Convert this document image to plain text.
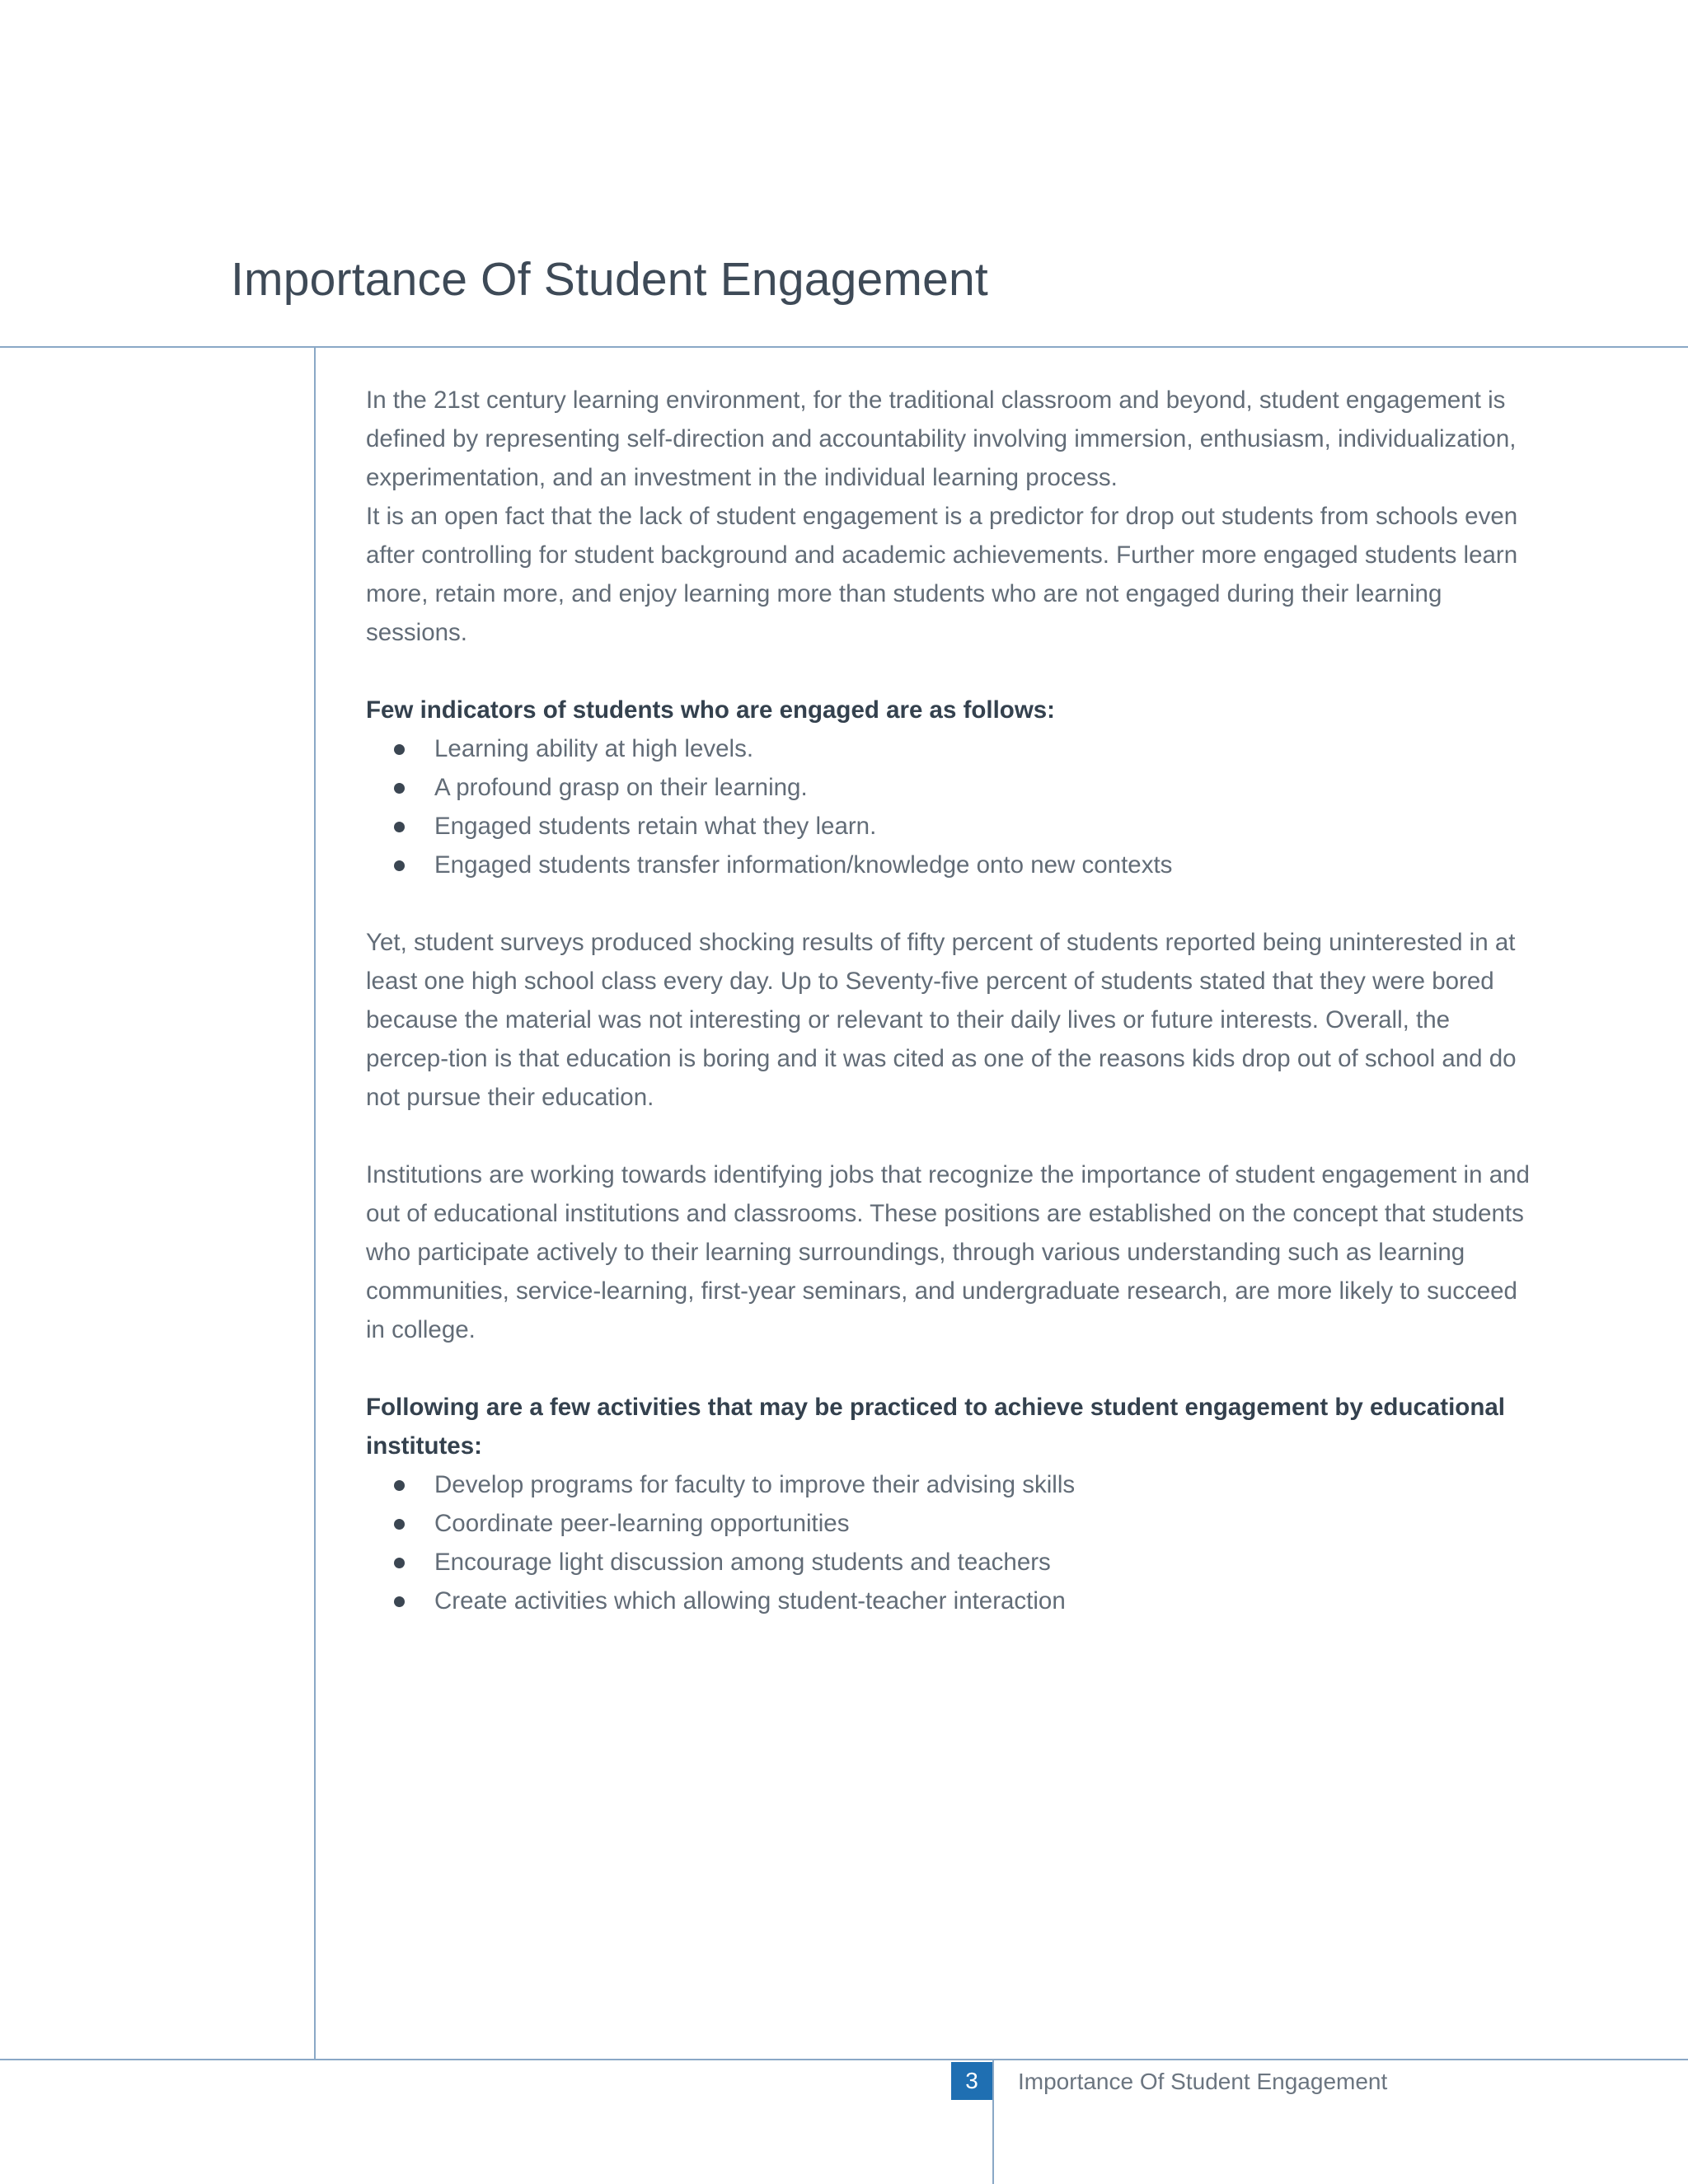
Importance Of Student Engagement

In the 21st century learning environment, for the traditional classroom and beyond, student engagement is defined by representing self-direction and accountability involving immersion, enthusiasm, individualization, experimentation, and an investment in the individual learning process.

It is an open fact that the lack of student engagement is a predictor for drop out students from schools even after controlling for student background and academic achievements. Further more engaged students learn more, retain more, and enjoy learning more than students who are not engaged during their learning sessions.

Few indicators of students who are engaged are as follows:

Learning ability at high levels.
A profound grasp on their learning.
Engaged students retain what they learn.
Engaged students transfer information/knowledge onto new contexts

Yet, student surveys produced shocking results of fifty percent of students reported being uninterested in at least one high school class every day. Up to Seventy-five percent of students stated that they were bored because the material was not interesting or relevant to their daily lives or future interests. Overall, the percep-tion is that education is boring and it was cited as one of the reasons kids drop out of school and do not pursue their education.

Institutions are working towards identifying jobs that recognize the importance of student engagement in and out of educational institutions and classrooms. These positions are established on the concept that students who participate actively to their learning surroundings, through various understanding such as learning communities, service-learning, first-year seminars, and undergraduate research, are more likely to succeed in college.

Following are a few activities that may be practiced to achieve student engagement by educational institutes:

Develop programs for faculty to improve their advising skills
Coordinate peer-learning opportunities
Encourage light discussion among students and teachers
Create activities which allowing student-teacher interaction
3	Importance Of Student Engagement
